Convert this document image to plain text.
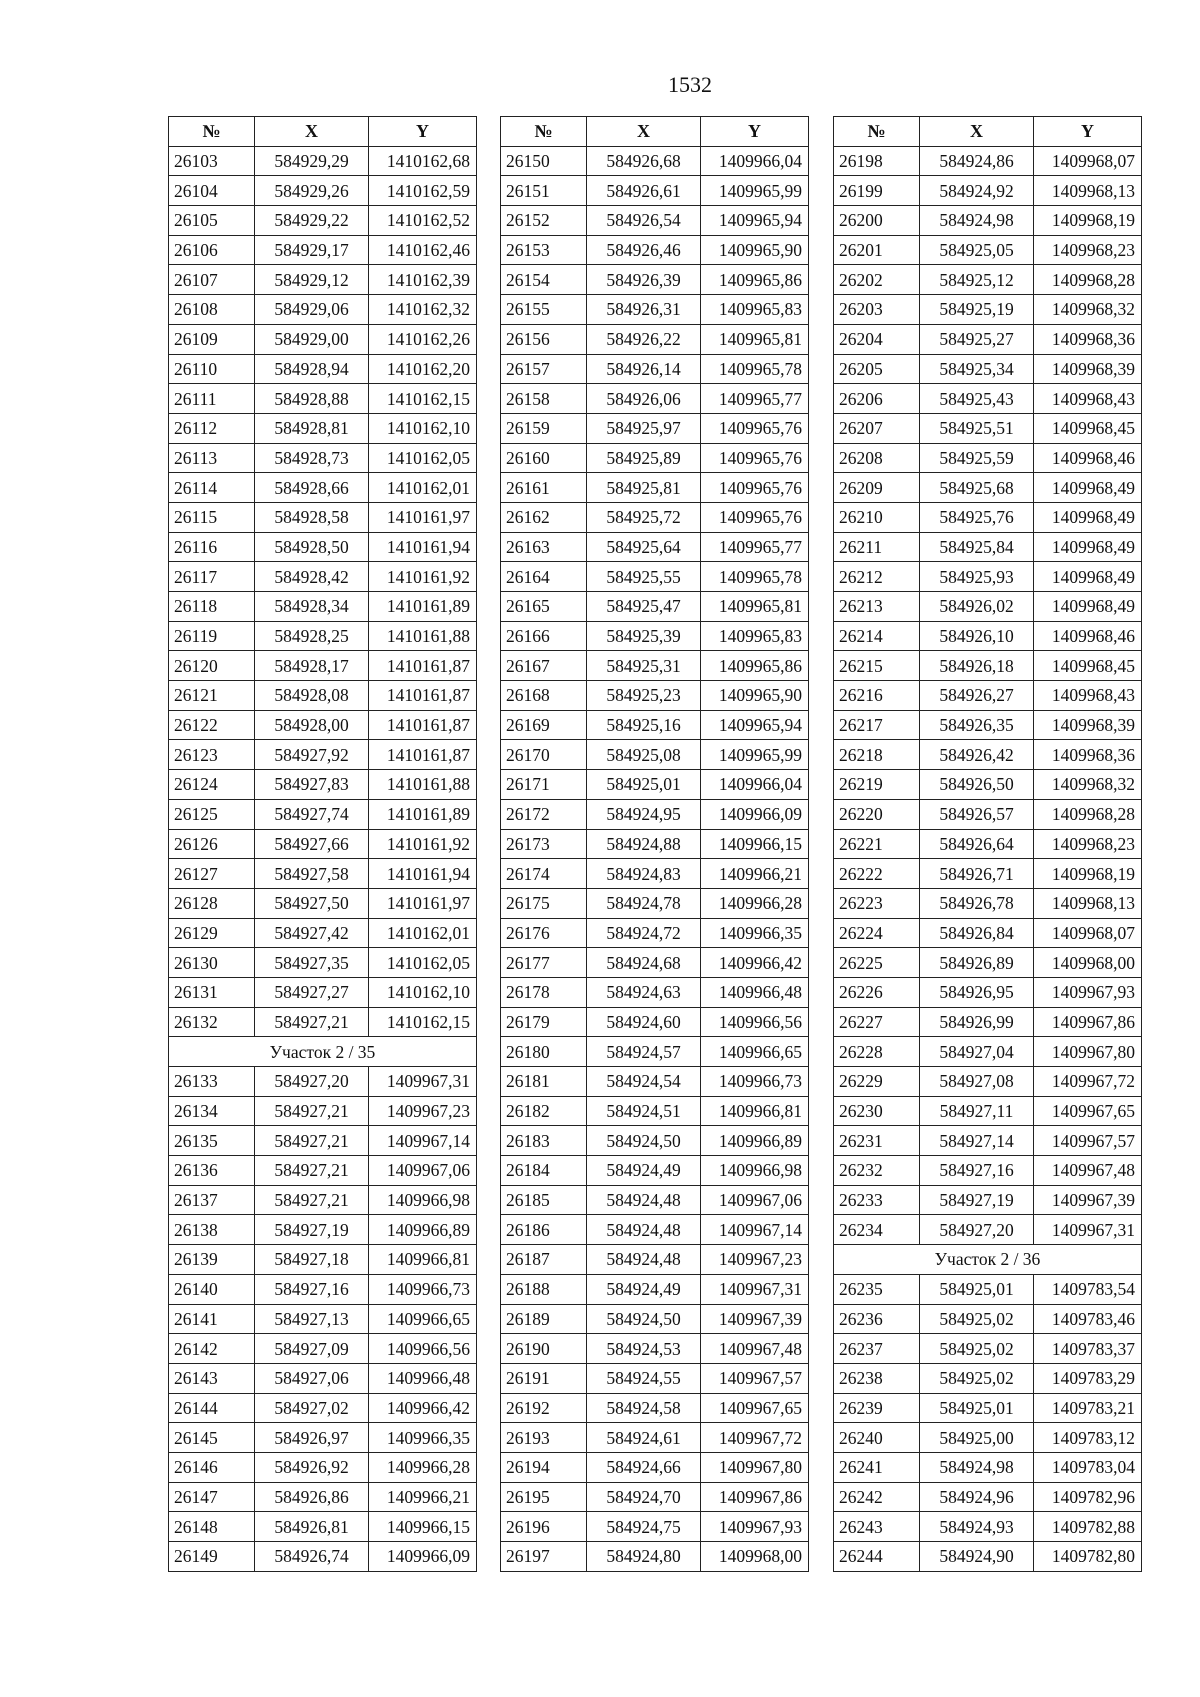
1532
№	X	Y
26103	584929,29	1410162,68
26104	584929,26	1410162,59
26105	584929,22	1410162,52
26106	584929,17	1410162,46
26107	584929,12	1410162,39
26108	584929,06	1410162,32
26109	584929,00	1410162,26
26110	584928,94	1410162,20
26111	584928,88	1410162,15
26112	584928,81	1410162,10
26113	584928,73	1410162,05
26114	584928,66	1410162,01
26115	584928,58	1410161,97
26116	584928,50	1410161,94
26117	584928,42	1410161,92
26118	584928,34	1410161,89
26119	584928,25	1410161,88
26120	584928,17	1410161,87
26121	584928,08	1410161,87
26122	584928,00	1410161,87
26123	584927,92	1410161,87
26124	584927,83	1410161,88
26125	584927,74	1410161,89
26126	584927,66	1410161,92
26127	584927,58	1410161,94
26128	584927,50	1410161,97
26129	584927,42	1410162,01
26130	584927,35	1410162,05
26131	584927,27	1410162,10
26132	584927,21	1410162,15
Участок 2 / 35		
26133	584927,20	1409967,31
26134	584927,21	1409967,23
26135	584927,21	1409967,14
26136	584927,21	1409967,06
26137	584927,21	1409966,98
26138	584927,19	1409966,89
26139	584927,18	1409966,81
26140	584927,16	1409966,73
26141	584927,13	1409966,65
26142	584927,09	1409966,56
26143	584927,06	1409966,48
26144	584927,02	1409966,42
26145	584926,97	1409966,35
26146	584926,92	1409966,28
26147	584926,86	1409966,21
26148	584926,81	1409966,15
26149	584926,74	1409966,09
№	X	Y
26150	584926,68	1409966,04
26151	584926,61	1409965,99
26152	584926,54	1409965,94
26153	584926,46	1409965,90
26154	584926,39	1409965,86
26155	584926,31	1409965,83
26156	584926,22	1409965,81
26157	584926,14	1409965,78
26158	584926,06	1409965,77
26159	584925,97	1409965,76
26160	584925,89	1409965,76
26161	584925,81	1409965,76
26162	584925,72	1409965,76
26163	584925,64	1409965,77
26164	584925,55	1409965,78
26165	584925,47	1409965,81
26166	584925,39	1409965,83
26167	584925,31	1409965,86
26168	584925,23	1409965,90
26169	584925,16	1409965,94
26170	584925,08	1409965,99
26171	584925,01	1409966,04
26172	584924,95	1409966,09
26173	584924,88	1409966,15
26174	584924,83	1409966,21
26175	584924,78	1409966,28
26176	584924,72	1409966,35
26177	584924,68	1409966,42
26178	584924,63	1409966,48
26179	584924,60	1409966,56
26180	584924,57	1409966,65
26181	584924,54	1409966,73
26182	584924,51	1409966,81
26183	584924,50	1409966,89
26184	584924,49	1409966,98
26185	584924,48	1409967,06
26186	584924,48	1409967,14
26187	584924,48	1409967,23
26188	584924,49	1409967,31
26189	584924,50	1409967,39
26190	584924,53	1409967,48
26191	584924,55	1409967,57
26192	584924,58	1409967,65
26193	584924,61	1409967,72
26194	584924,66	1409967,80
26195	584924,70	1409967,86
26196	584924,75	1409967,93
26197	584924,80	1409968,00
№	X	Y
26198	584924,86	1409968,07
26199	584924,92	1409968,13
26200	584924,98	1409968,19
26201	584925,05	1409968,23
26202	584925,12	1409968,28
26203	584925,19	1409968,32
26204	584925,27	1409968,36
26205	584925,34	1409968,39
26206	584925,43	1409968,43
26207	584925,51	1409968,45
26208	584925,59	1409968,46
26209	584925,68	1409968,49
26210	584925,76	1409968,49
26211	584925,84	1409968,49
26212	584925,93	1409968,49
26213	584926,02	1409968,49
26214	584926,10	1409968,46
26215	584926,18	1409968,45
26216	584926,27	1409968,43
26217	584926,35	1409968,39
26218	584926,42	1409968,36
26219	584926,50	1409968,32
26220	584926,57	1409968,28
26221	584926,64	1409968,23
26222	584926,71	1409968,19
26223	584926,78	1409968,13
26224	584926,84	1409968,07
26225	584926,89	1409968,00
26226	584926,95	1409967,93
26227	584926,99	1409967,86
26228	584927,04	1409967,80
26229	584927,08	1409967,72
26230	584927,11	1409967,65
26231	584927,14	1409967,57
26232	584927,16	1409967,48
26233	584927,19	1409967,39
26234	584927,20	1409967,31
Участок 2 / 36		
26235	584925,01	1409783,54
26236	584925,02	1409783,46
26237	584925,02	1409783,37
26238	584925,02	1409783,29
26239	584925,01	1409783,21
26240	584925,00	1409783,12
26241	584924,98	1409783,04
26242	584924,96	1409782,96
26243	584924,93	1409782,88
26244	584924,90	1409782,80
